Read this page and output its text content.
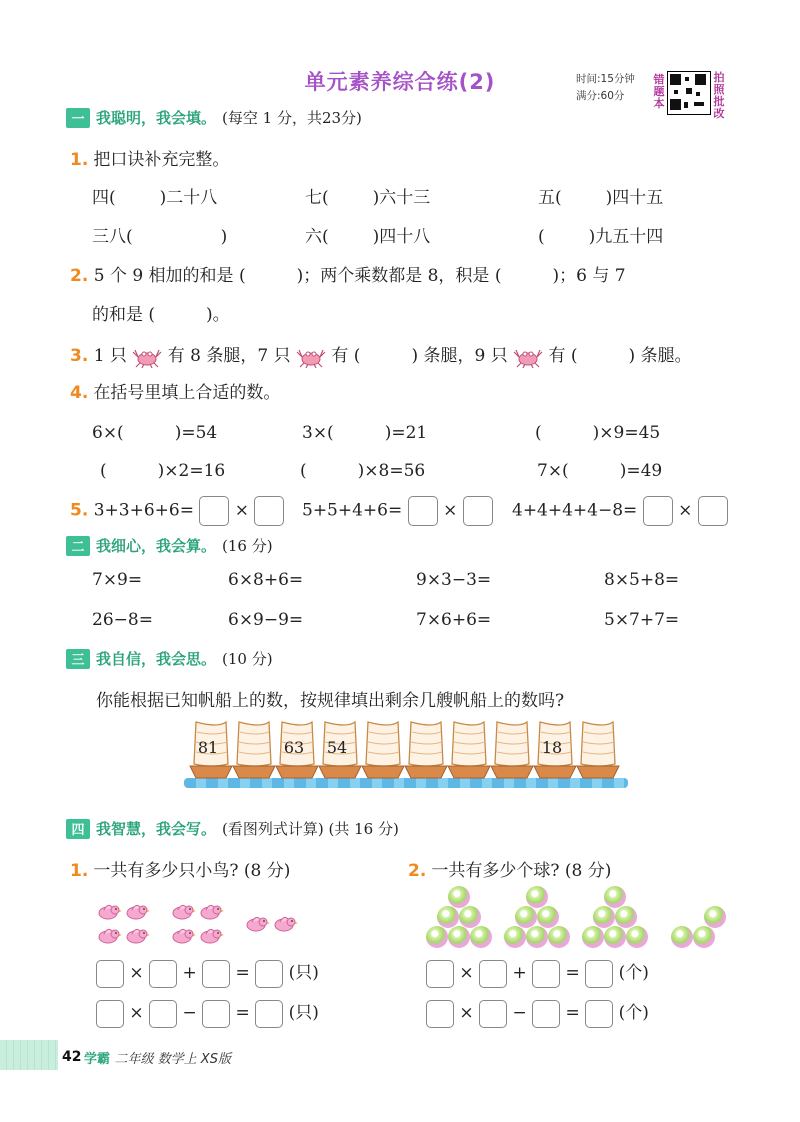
单元素养综合练(2)	时间:15分钟
满分:60分
错
题
本
拍
照
批
改
一 我聪明，我会填。 (每空 1 分，共23分)
1. 把口诀补充完整。
四(	)二十八	七(	)六十三	五(	)四十五
三八(	)	六(	)四十八	(	)九五十四
2. 5 个 9 相加的和是 (　　　)；两个乘数都是 8，积是 (　　　)；6 与 7
的和是 (　　　)。
3. 1 只 有 8 条腿，7 只 有 (　　　) 条腿，9 只 有 (　　　) 条腿。
4. 在括号里填上合适的数。
6×(　　　)=54	3×(　　　)=21	(　　　)×9=45
(　　　)×2=16	(　　　)×8=56	7×(　　　)=49
5. 3+3+6+6= ×	5+5+4+6= ×	4+4+4+4−8= ×
二 我细心，我会算。 (16 分)
7×9=	6×8+6=	9×3−3=	8×5+8=
26−8=	6×9−9=	7×6+6=	5×7+7=
三 我自信，我会思。 (10 分)
你能根据已知帆船上的数，按规律填出剩余几艘帆船上的数吗?
81	63	54	18
四 我智慧，我会写。 (看图列式计算) (共 16 分)
1. 一共有多少只小鸟? (8 分)	2. 一共有多少个球? (8 分)
× + = (只)
× − = (只)
× + = (个)
× − = (个)
42 学霸 二年级 数学上 XS版
